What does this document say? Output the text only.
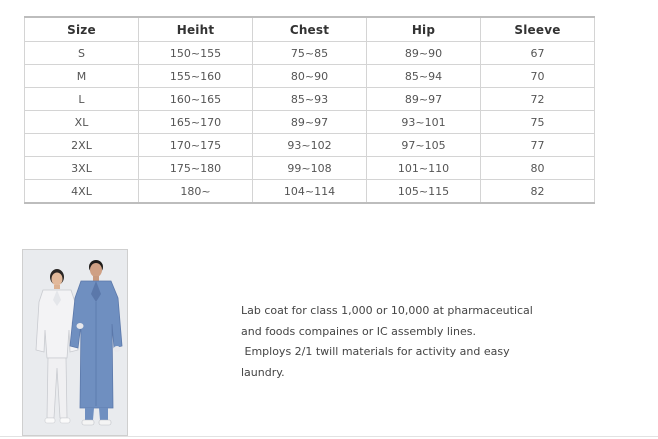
Size	Heiht	Chest	Hip	Sleeve
S	150~155	75~85	89~90	67
M	155~160	80~90	85~94	70
L	160~165	85~93	89~97	72
XL	165~170	89~97	93~101	75
2XL	170~175	93~102	97~105	77
3XL	175~180	99~108	101~110	80
4XL	180~	104~114	105~115	82

Lab coat for class 1,000 or 10,000 at pharmaceutical

and foods compaines or IC assembly lines.

Employs 2/1 twill materials for activity and easy

laundry.
